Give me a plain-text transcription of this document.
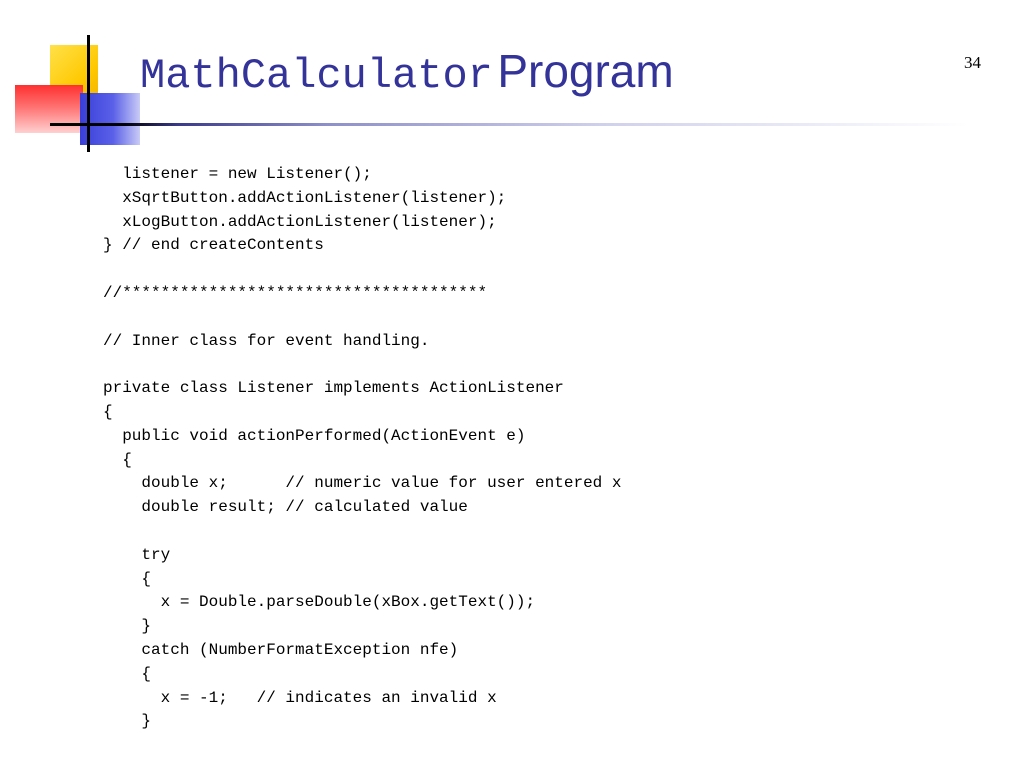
MathCalculator Program	34
listener = new Listener();
xSqrtButton.addActionListener(listener);
xLogButton.addActionListener(listener);
} // end createContents
//**************************************
// Inner class for event handling.
private class Listener implements ActionListener
{
public void actionPerformed(ActionEvent e)
{
double x;      // numeric value for user entered x
double result; // calculated value
try
{
x = Double.parseDouble(xBox.getText());
}
catch (NumberFormatException nfe)
{
x = -1;   // indicates an invalid x
}
